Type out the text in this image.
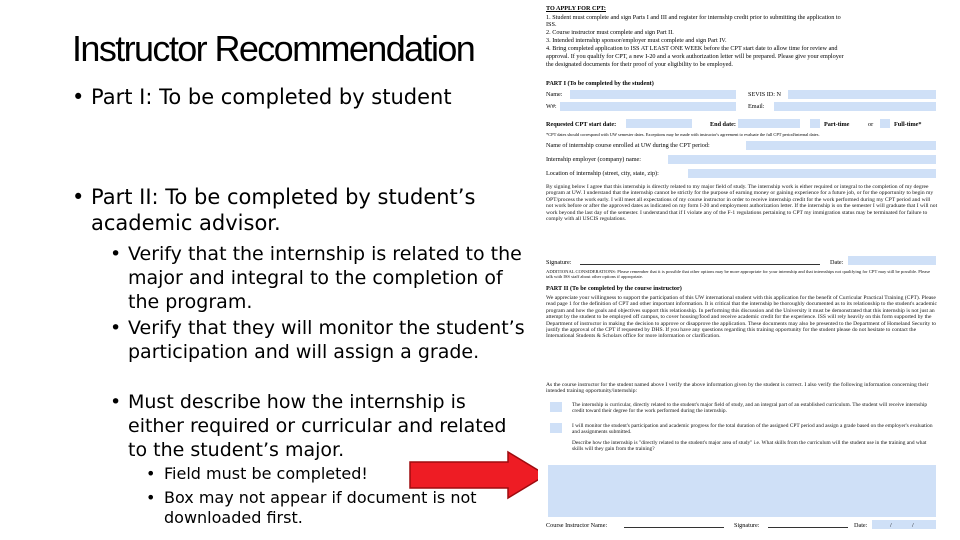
Instructor Recommendation
• Part I: To be completed by student
• Part II: To be completed by student’s academic advisor.
• Verify that the internship is related to the major and integral to the completion of the program.
• Verify that they will monitor the student’s participation and will assign a grade.
• Must describe how the internship is either required or curricular and related to the student’s major.
• Field must be completed!
• Box may not appear if document is not downloaded first.
TO APPLY FOR CPT:
1. Student must complete and sign Parts I and III and register for internship credit prior to submitting the application to
ISS.
2. Course instructor must complete and sign Part II.
3. Intended internship sponsor/employer must complete and sign Part IV.
4. Bring completed application to ISS AT LEAST ONE WEEK before the CPT start date to allow time for review and
approval. If you qualify for CPT, a new I-20 and a work authorization letter will be prepared. Please give your employer
the designated documents for their proof of your eligibility to be employed.
PART I (To be completed by the student)
Name:	SEVIS ID: N
W#:	Email:
Requested CPT start date:	End date:	Part-time	or	Full-time*
*CPT dates should correspond with UW semester dates. Exceptions may be made with instructor's agreement to evaluate the full CPT period/internal dates.
Name of internship course enrolled at UW during the CPT period:
Internship employer (company) name:
Location of internship (street, city, state, zip):
By signing below I agree that this internship is directly related to my major field of study. The internship work is either required or integral to the completion of my degree program at UW. I understand that the internship cannot be strictly for the purpose of earning money or gaining experience for a future job, or for the opportunity to begin my OPT/process the work early. I will meet all expectations of my course instructor in order to receive internship credit for the work performed during my CPT period and will not work before or after the approved dates as indicated on my form I-20 and employment authorization letter. If the internship is on the semester I will graduate that I will not work beyond the last day of the semester. I understand that if I violate any of the F-1 regulations pertaining to CPT my immigration status may be terminated for failure to comply with all USCIS regulations.
Signature:	Date:
ADDITIONAL CONSIDERATIONS: Please remember that it is possible that other options may be more appropriate for your internship and that internships not qualifying for CPT may still be possible. Please talk with ISS staff about other options if appropriate.
PART II (To be completed by the course instructor)
We appreciate your willingness to support the participation of this UW international student with this application for the benefit of Curricular Practical Training (CPT). Please read page 1 for the definition of CPT and other important information. It is critical that the internship be thoroughly documented as to its relationship to the student's academic program and how the goals and objectives support this relationship. In performing this discussion and the University it must be demonstrated that this internship is not just an attempt by the student to be employed off campus, to cover housing/food and receive academic credit for the experience. ISS will rely heavily on this form supported by the Department of instructor in making the decision to approve or disapprove the application. These documents may also be presented to the Department of Homeland Security to justify the approval of the CPT if requested by DHS. If you have any questions regarding this training opportunity for the student please do not hesitate to contact the International Students & Scholars office for more information or clarification.
As the course instructor for the student named above I verify the above information given by the student is correct. I also verify the following information concerning their intended training opportunity/internship:
The internship is curricular, directly related to the student's major field of study, and an integral part of an established curriculum. The student will receive internship credit toward their degree for the work performed during the internship.
I will monitor the student's participation and academic progress for the total duration of the assigned CPT period and assign a grade based on the employer's evaluation and assignments submitted.
Describe how the internship is "directly related to the student's major area of study" i.e. What skills from the curriculum will the student use in the training and what skills will they gain from the training?
Course Instructor Name:	Signature:	Date:	/	/
